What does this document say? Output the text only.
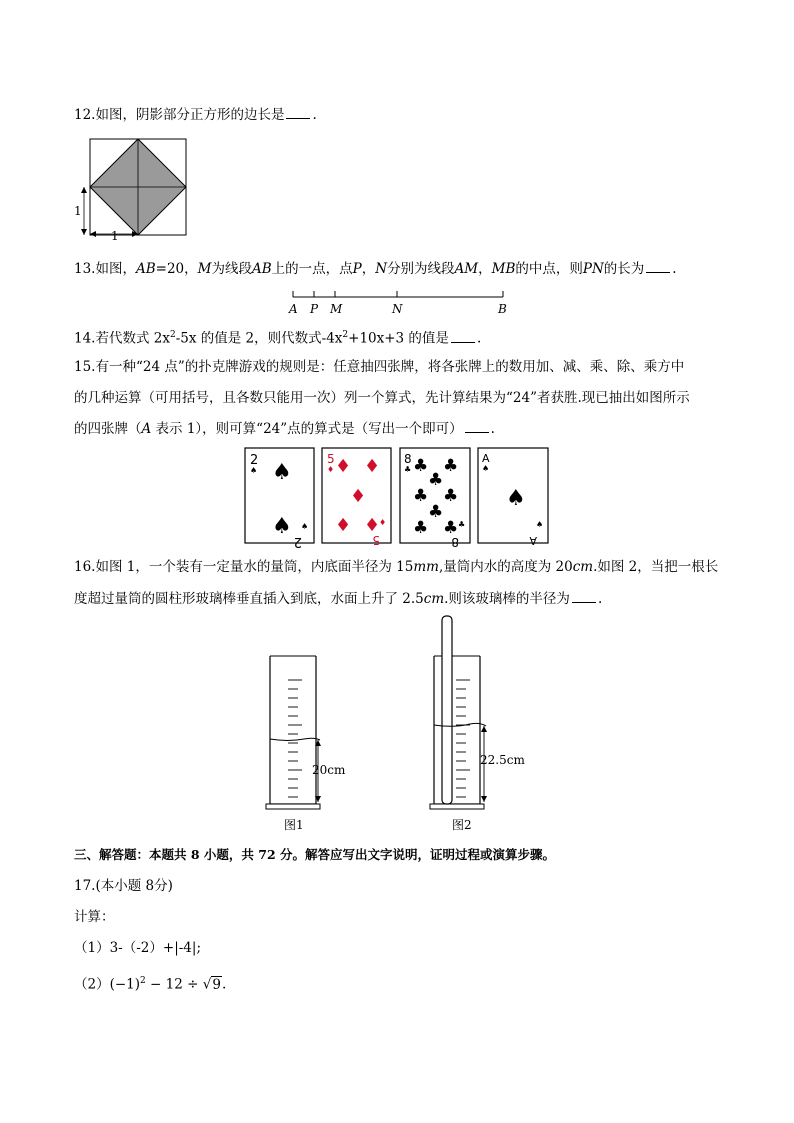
12.如图，阴影部分正方形的边长是 .
1
1
13.如图，AB=20，M为线段AB上的一点，点P，N分别为线段AM，MB的中点，则PN的长为 .
A P M	N	B
14.若代数式 $2x^2-5x$ 的值是 2，则代数式$-4x^2+10x+3$ 的值是 .
15.有一种“24 点”的扑克牌游戏的规则是：任意抽四张牌，将各张牌上的数用加、减、乘、除、乘方中
的几种运算（可用括号，且各数只能用一次）列一个算式，先计算结果为“24”者获胜.现已抽出如图所示
的四张牌（A 表示 1），则可算“24”点的算式是（写出一个即可） .
2
♠ ♠
♠ ♠
2
5
♦ ♦ ♦
♦
♦ ♦
♦
5
8
♣ ♣ ♣
♣
♣ ♣
♣
♣ ♣ ♣
8
A
♠
♠
♠
A
16.如图 1，一个装有一定量水的量筒，内底面半径为 15mm,量筒内水的高度为 20cm.如图 2，当把一根长
度超过量筒的圆柱形玻璃棒垂直插入到底，水面上升了 2.5cm.则该玻璃棒的半径为 .
20cm
图1
22.5cm
图2
三、解答题：本题共 8 小题，共 72 分。解答应写出文字说明，证明过程或演算步骤。
17.(本小题 8分)
计算：
（1）3-（-2）+|-4|;
$(2)(-1)^2 - 12 \div √9$.
